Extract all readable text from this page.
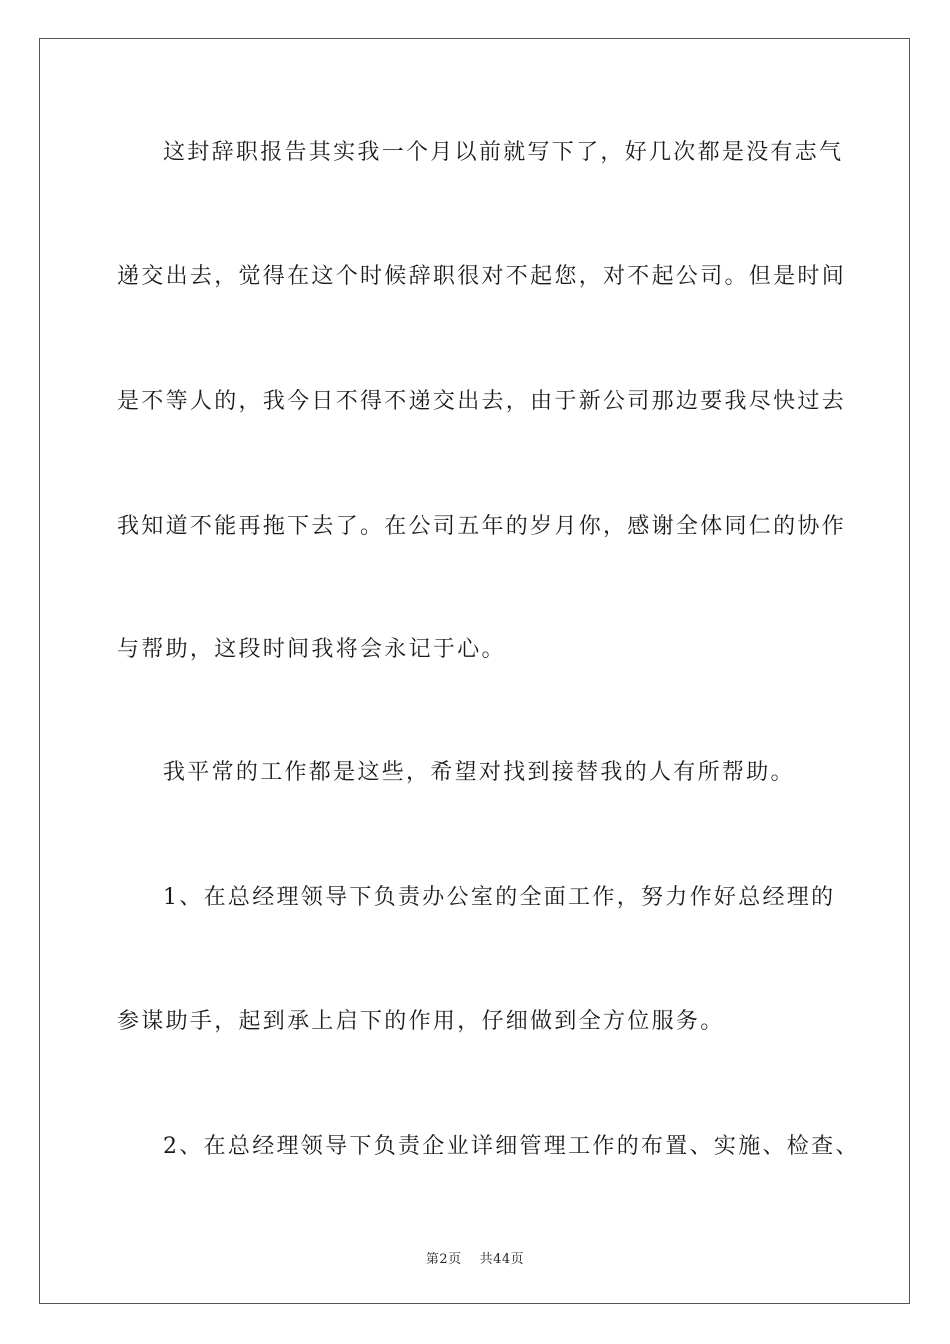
这封辞职报告其实我一个月以前就写下了，好几次都是没有志气
递交出去，觉得在这个时候辞职很对不起您，对不起公司。但是时间
是不等人的，我今日不得不递交出去，由于新公司那边要我尽快过去
我知道不能再拖下去了。在公司五年的岁月你，感谢全体同仁的协作
与帮助，这段时间我将会永记于心。
我平常的工作都是这些，希望对找到接替我的人有所帮助。
1、在总经理领导下负责办公室的全面工作，努力作好总经理的
参谋助手，起到承上启下的作用，仔细做到全方位服务。
2、在总经理领导下负责企业详细管理工作的布置、实施、检查、
第2页 共44页
